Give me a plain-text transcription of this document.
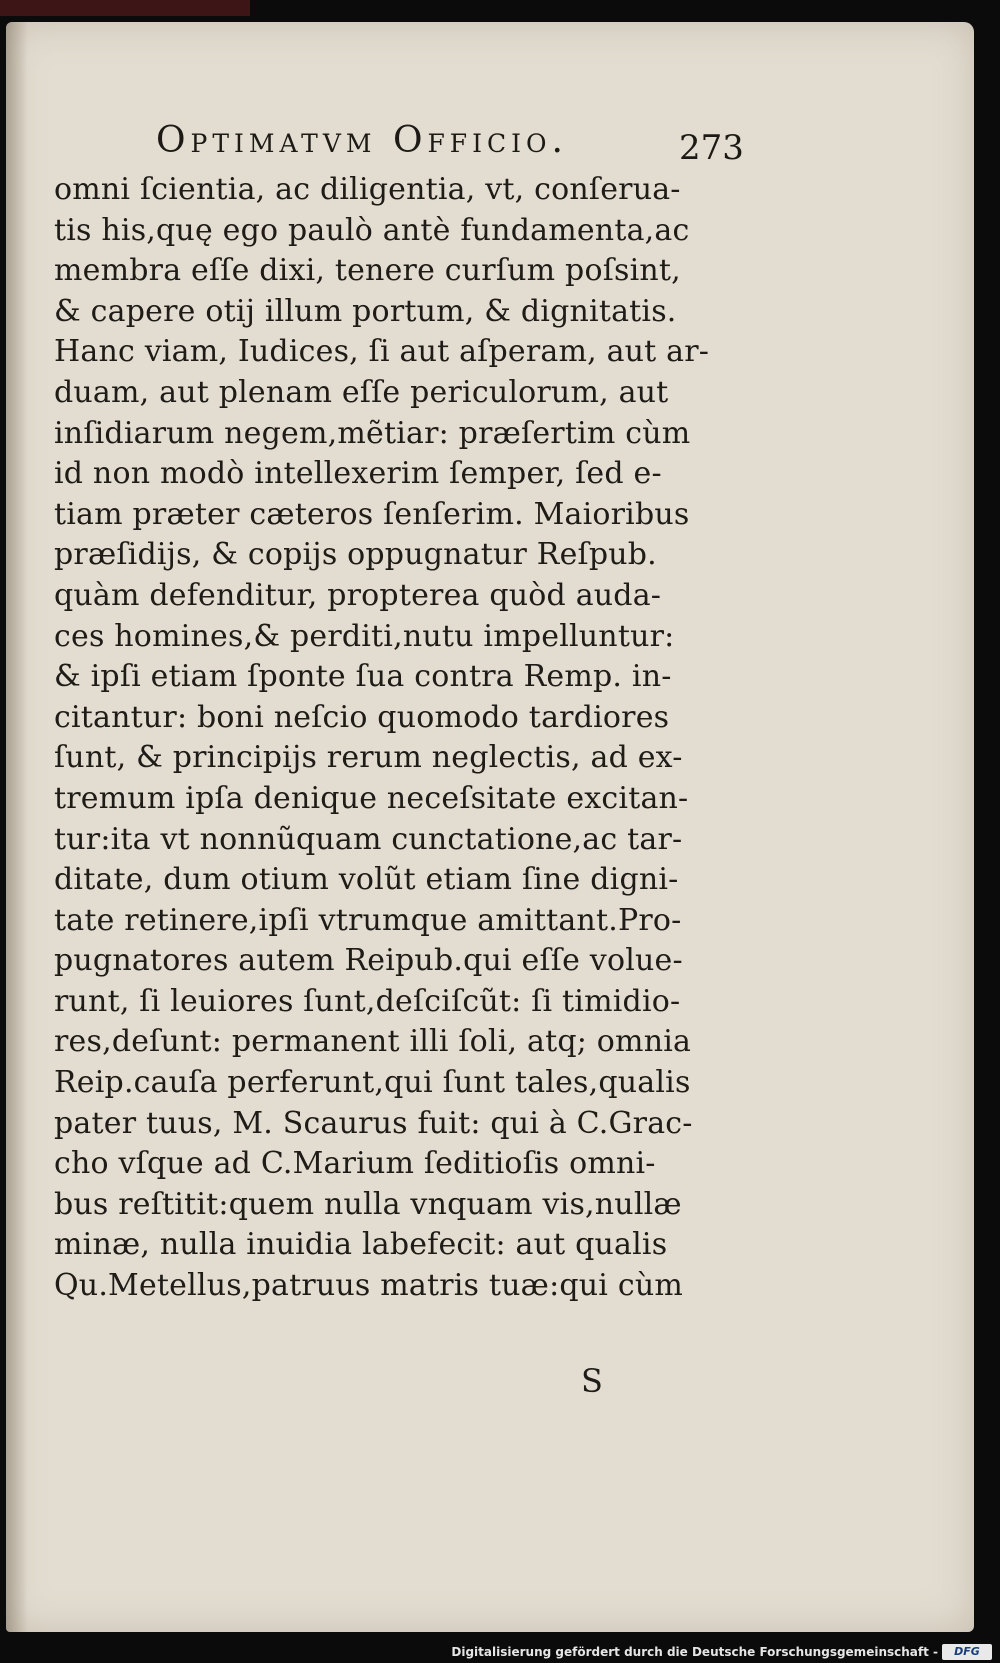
Optimatvm Officio.	273
omni ſcientia, ac diligentia, vt, conſerua-
tis his,quę ego paulò antè fundamenta,ac
membra eſſe dixi, tenere curſum poſsint,
& capere otij illum portum, & dignitatis.
Hanc viam, Iudices, ſi aut aſperam, aut ar-
duam, aut plenam eſſe periculorum, aut
inſidiarum negem,mẽtiar: præſertim cùm
id non modò intellexerim ſemper, ſed e-
tiam præter cæteros ſenſerim. Maioribus
præſidijs, & copijs oppugnatur Reſpub.
quàm defenditur, propterea quòd auda-
ces homines,& perditi,nutu impelluntur:
& ipſi etiam ſponte ſua contra Remp. in-
citantur: boni neſcio quomodo tardiores
ſunt, & principijs rerum neglectis, ad ex-
tremum ipſa denique neceſsitate excitan-
tur:ita vt nonnũquam cunctatione,ac tar-
ditate, dum otium volũt etiam ſine digni-
tate retinere,ipſi vtrumque amittant.Pro-
pugnatores autem Reipub.qui eſſe volue-
runt, ſi leuiores ſunt,deſciſcũt: ſi timidio-
res,deſunt: permanent illi ſoli, atq; omnia
Reip.cauſa perferunt,qui ſunt tales,qualis
pater tuus, M. Scaurus fuit: qui à C.Grac-
cho vſque ad C.Marium ſeditioſis omni-
bus reſtitit:quem nulla vnquam vis,nullæ
minæ, nulla inuidia labefecit: aut qualis
Qu.Metellus,patruus matris tuæ:qui cùm
S
Digitalisierung gefördert durch die Deutsche Forschungsgemeinschaft -	DFG
